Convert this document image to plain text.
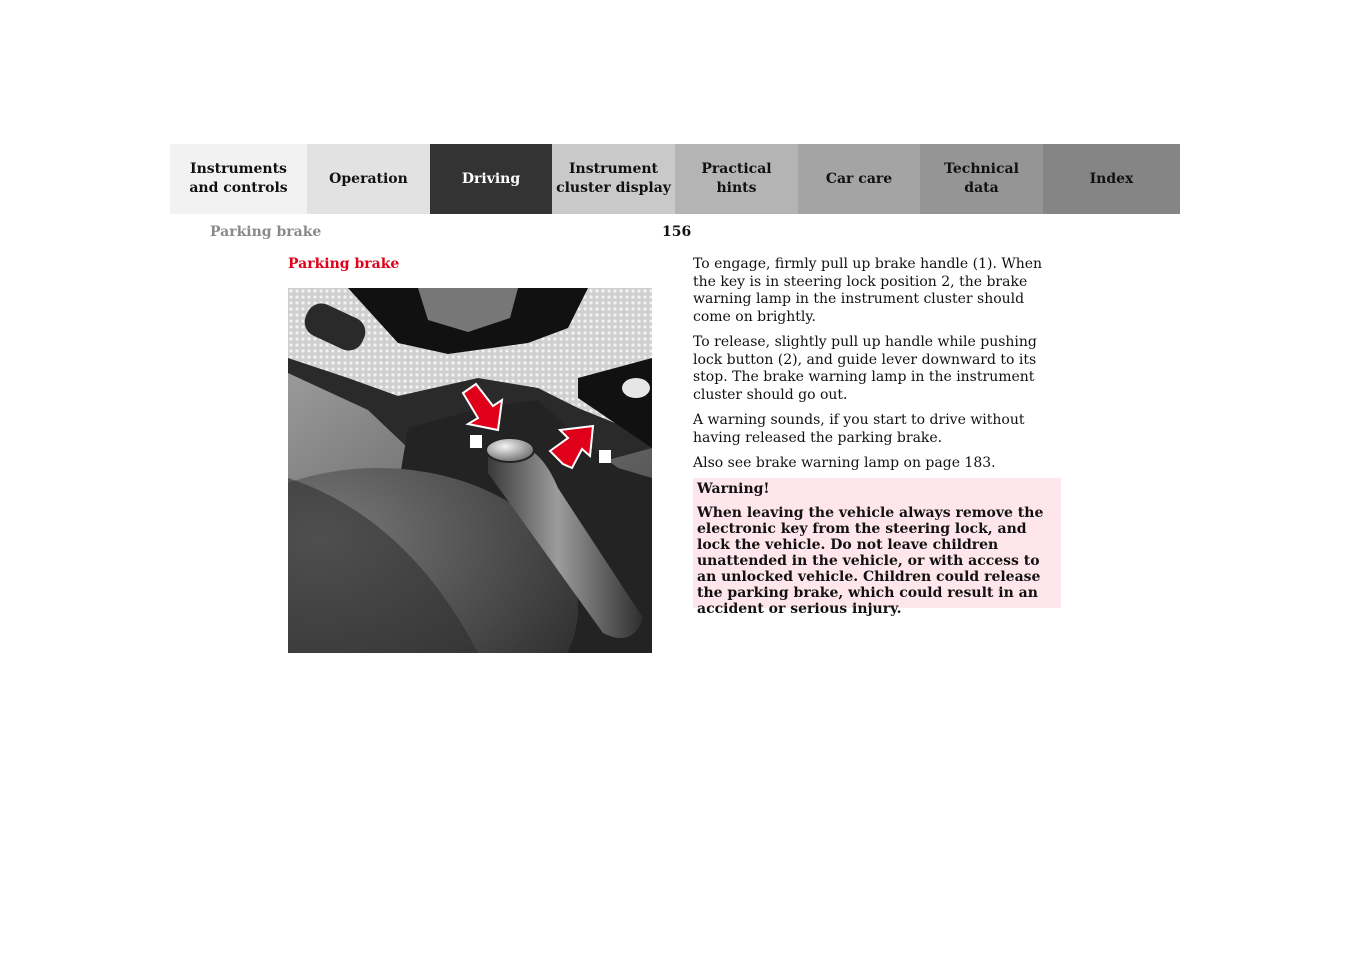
Instruments
and controls
Operation	Driving
Instrument
cluster display
Practical hints
Car care
Technical
data
Index
Parking brake	156
Parking brake	To engage, firmly pull up brake handle (1). When the key is in steering lock position 2, the brake warning lamp in the instrument cluster should come on brightly.

To release, slightly pull up handle while pushing lock button (2), and guide lever downward to its stop. The brake warning lamp in the instrument cluster should go out.

A warning sounds, if you start to drive without having released the parking brake.

Also see brake warning lamp on page 183.

Warning!
When leaving the vehicle always remove the electronic key from the steering lock, and lock the vehicle. Do not leave children unattended in the vehicle, or with access to an unlocked vehicle. Children could release the parking brake, which could result in an accident or serious injury.
